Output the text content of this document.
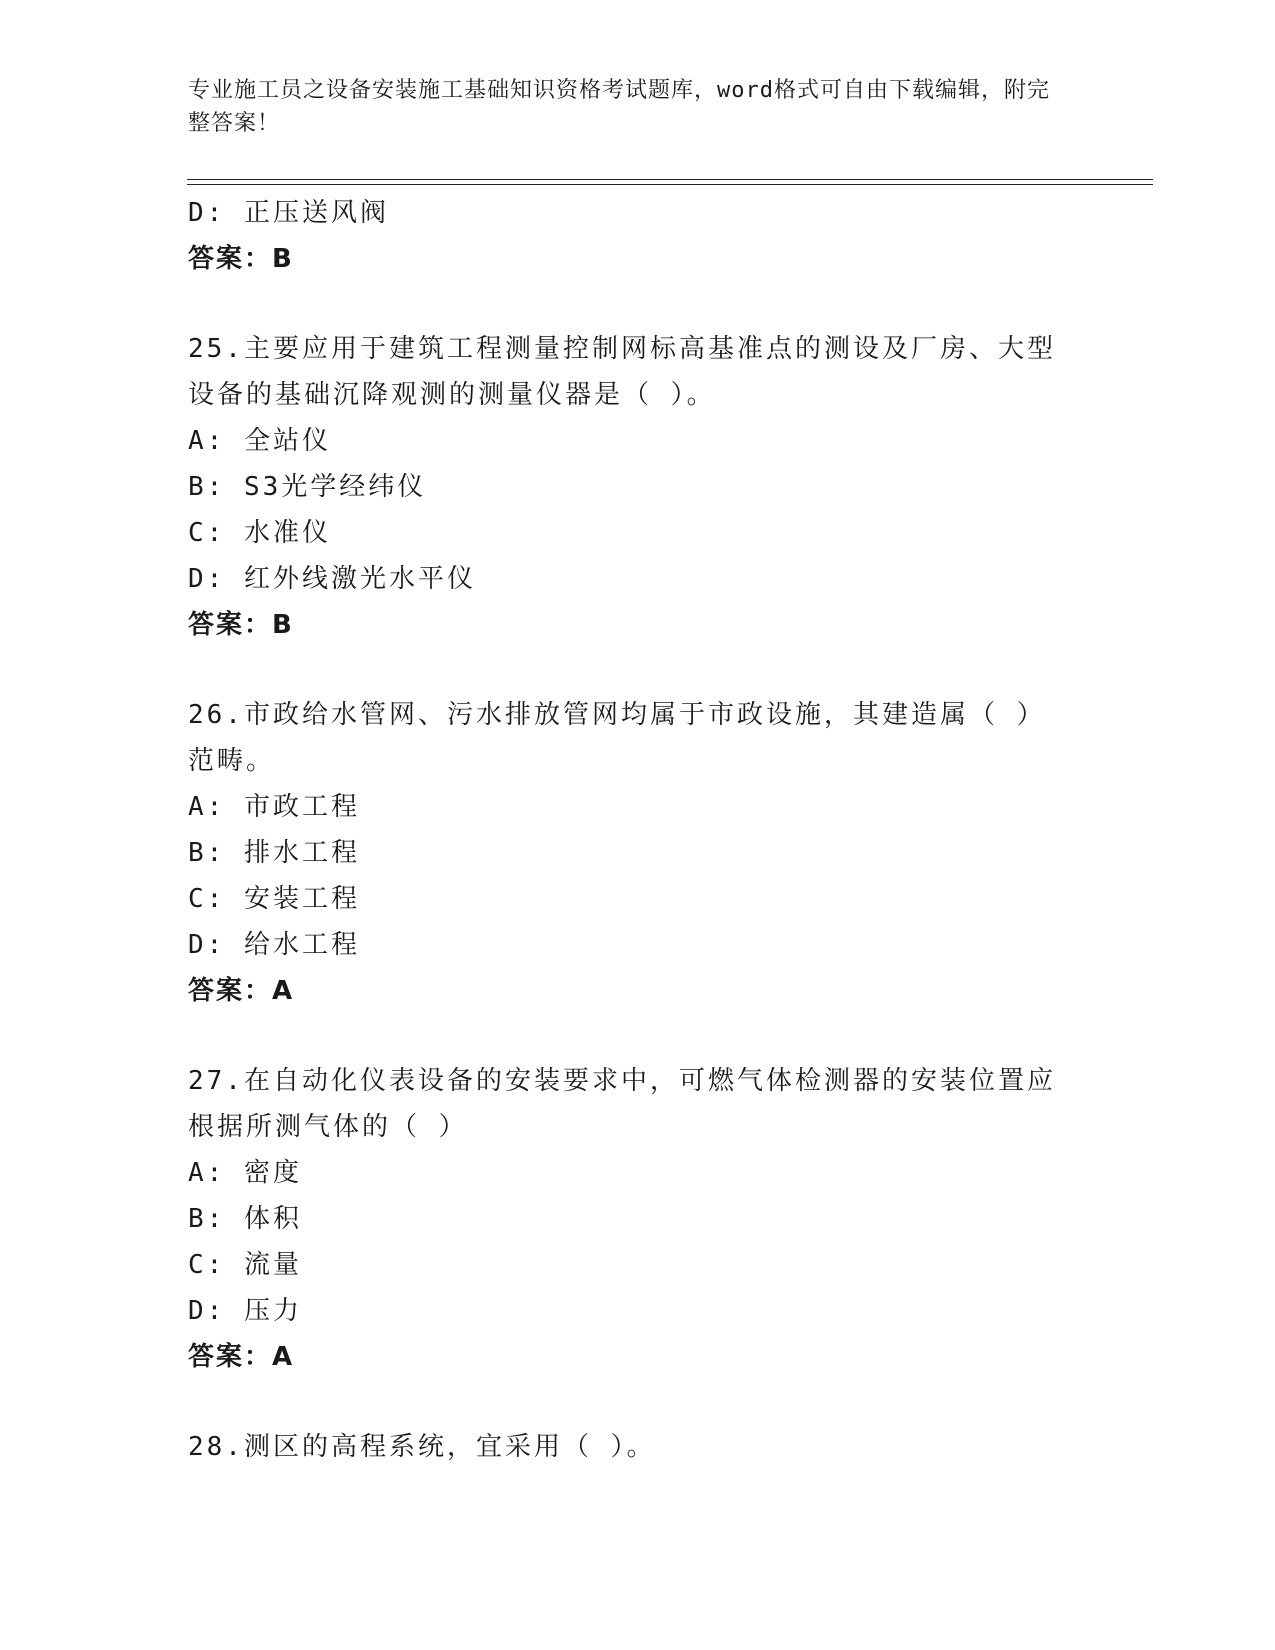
专业施工员之设备安装施工基础知识资格考试题库，word格式可自由下载编辑，附完整答案！
D: 正压送风阀
答案：B
25.主要应用于建筑工程测量控制网标高基准点的测设及厂房、大型设备的基础沉降观测的测量仪器是（ ）。
A: 全站仪
B: S3光学经纬仪
C: 水准仪
D: 红外线激光水平仪
答案：B
26.市政给水管网、污水排放管网均属于市政设施，其建造属（ ）范畴。
A: 市政工程
B: 排水工程
C: 安装工程
D: 给水工程
答案：A
27.在自动化仪表设备的安装要求中，可燃气体检测器的安装位置应根据所测气体的（ ）
A: 密度
B: 体积
C: 流量
D: 压力
答案：A
28.测区的高程系统，宜采用（ ）。
